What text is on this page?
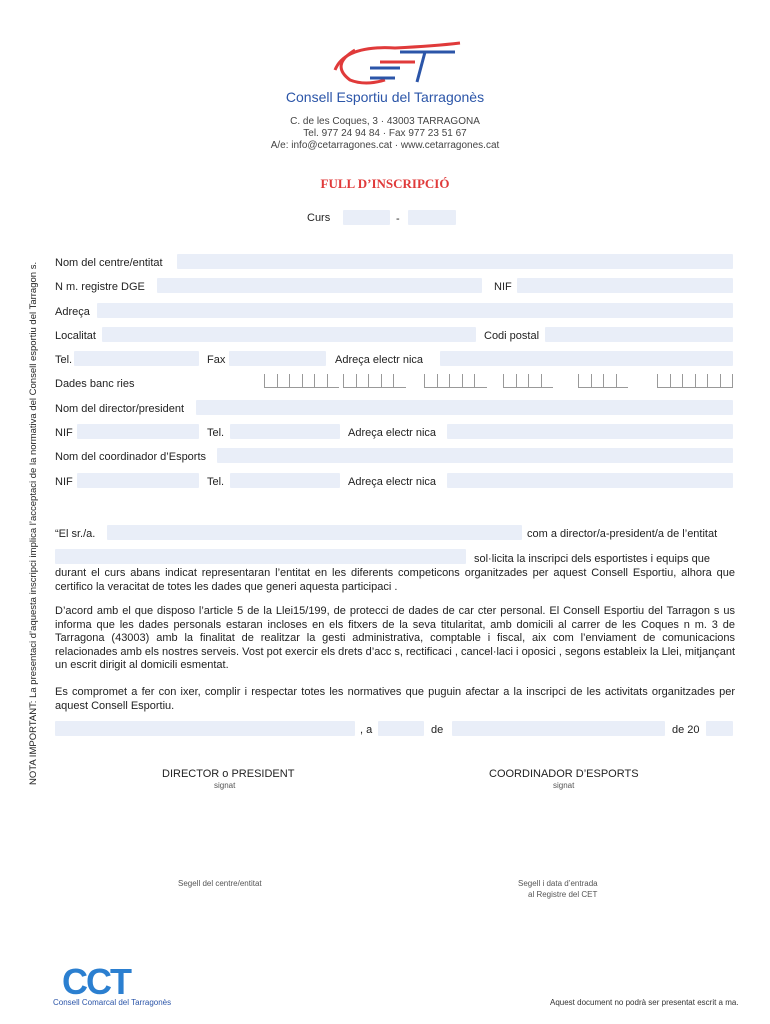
Consell Esportiu del Tarragonès
C. de les Coques, 3 · 43003 TARRAGONA
Tel. 977 24 94 84 · Fax 977 23 51 67
A/e: info@cetarragones.cat · www.cetarragones.cat
FULL D’INSCRIPCIÓ
Curs	-
NOTA IMPORTANT: La presentaci d’aquesta inscripci implica l’acceptaci de la normativa del Consell esportiu del Tarragon s. Nom del centre/entitat
N m. registre DGE	NIF
Adreça
Localitat	Codi postal
Tel.	Fax	Adreça electr nica
Dades banc ries
Nom del director/president
NIF	Tel.	Adreça electr nica
Nom del coordinador d’Esports
NIF	Tel.	Adreça electr nica
“El sr./a.	com a director/a-president/a de l’entitat
sol·licita la inscripci dels esportistes i equips que
durant el curs abans indicat representaran l’entitat en les diferents competicons organitzades per aquest Consell Esportiu, alhora que certifico la veracitat de totes les dades que generi aquesta participaci .
D’acord amb el que disposo l’article 5 de la Llei15/199, de protecci de dades de car cter personal. El Consell Esportiu del Tarragon s us informa que les dades personals estaran incloses en els fitxers de la seva titularitat, amb domicili al carrer de les Coques n m. 3 de Tarragona (43003) amb la finalitat de realitzar la gesti administrativa, comptable i fiscal, aix com l’enviament de comunicacions relacionades amb els nostres serveis. Vost pot exercir els drets d’acc s, rectificaci , cancel·laci i oposici , segons estableix la Llei, mitjançant un escrit dirigit al domicili esmentat.
Es compromet a fer con ixer, complir i respectar totes les normatives que puguin afectar a la inscripci de les activitats organitzades per aquest Consell Esportiu.
, a	de	de 20
DIRECTOR o PRESIDENT
signat
COORDINADOR D’ESPORTS
signat
Segell del centre/entitat	Segell i data d’entrada
al Registre del CET
CCT
Consell Comarcal del Tarragonès	Aquest document no podrà ser presentat escrit a ma.
